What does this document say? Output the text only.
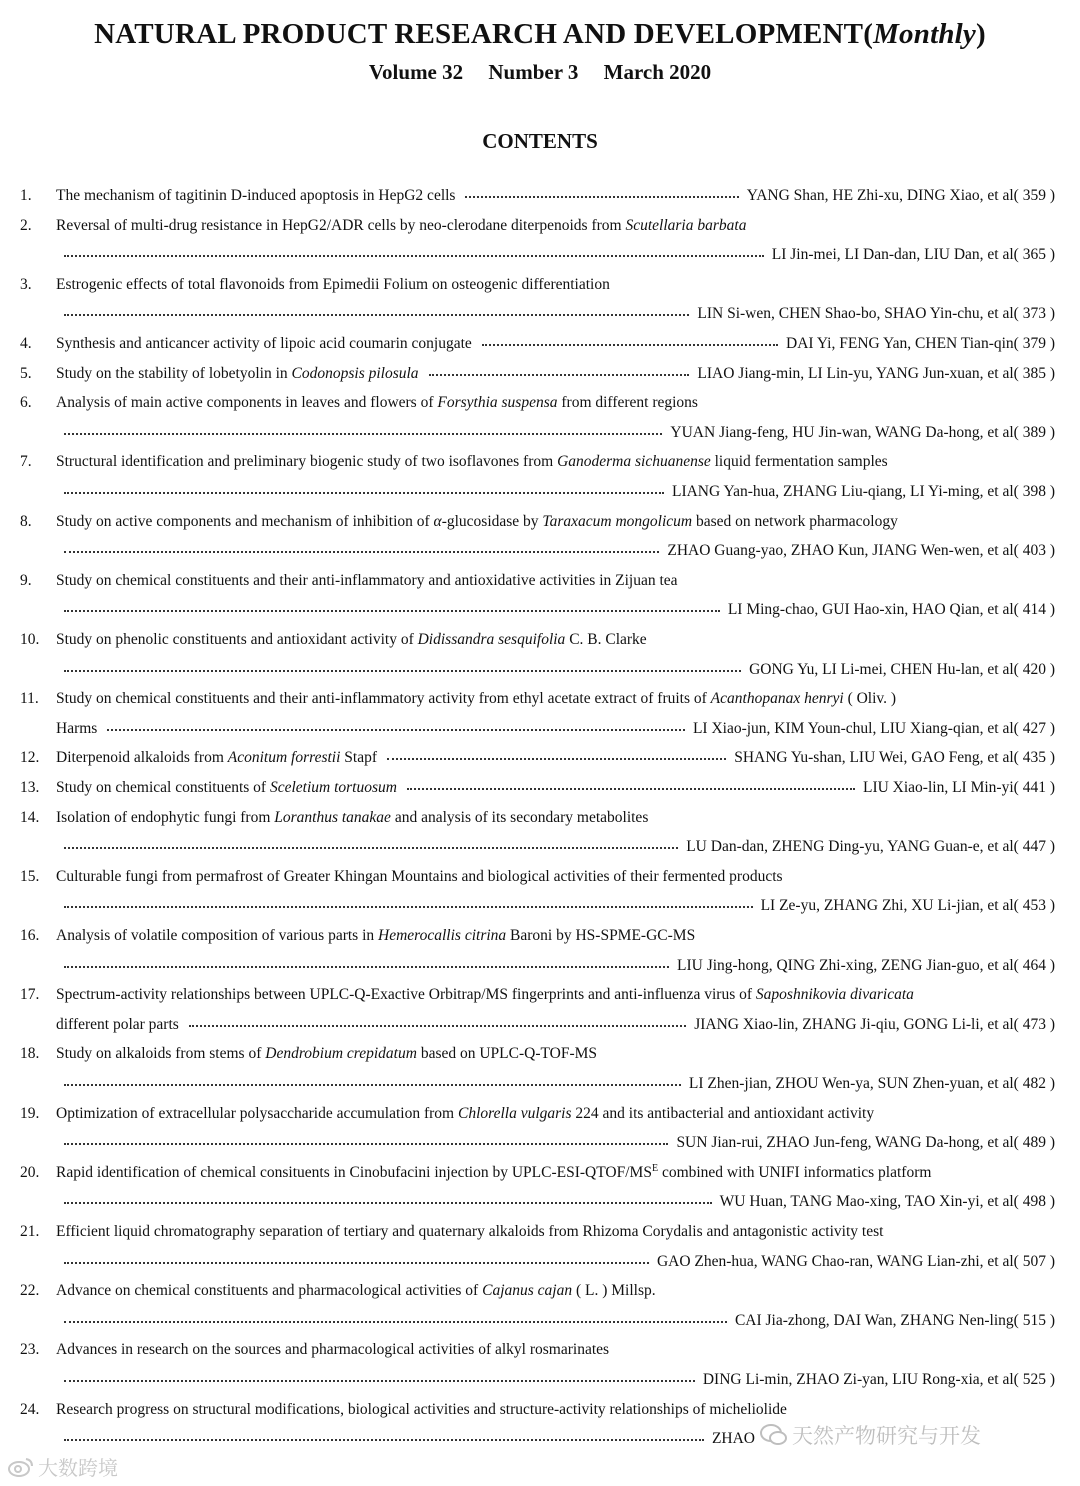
NATURAL PRODUCT RESEARCH AND DEVELOPMENT(Monthly)
Volume 32 Number 3 March 2020
CONTENTS
1. The mechanism of tagitinin D-induced apoptosis in HepG2 cells	YANG Shan, HE Zhi-xu, DING Xiao, et al ( 359 )
2. Reversal of multi-drug resistance in HepG2/ADR cells by neo-clerodane diterpenoids from Scutellaria barbata
LI Jin-mei, LI Dan-dan, LIU Dan, et al ( 365 )
3. Estrogenic effects of total flavonoids from Epimedii Folium on osteogenic differentiation
LIN Si-wen, CHEN Shao-bo, SHAO Yin-chu, et al ( 373 )
4. Synthesis and anticancer activity of lipoic acid coumarin conjugate	DAI Yi, FENG Yan, CHEN Tian-qin ( 379 )
5. Study on the stability of lobetyolin in Codonopsis pilosula	LIAO Jiang-min, LI Lin-yu, YANG Jun-xuan, et al ( 385 )
6. Analysis of main active components in leaves and flowers of Forsythia suspensa from different regions
YUAN Jiang-feng, HU Jin-wan, WANG Da-hong, et al ( 389 )
7. Structural identification and preliminary biogenic study of two isoflavones from Ganoderma sichuanense liquid fermentation samples
LIANG Yan-hua, ZHANG Liu-qiang, LI Yi-ming, et al ( 398 )
8. Study on active components and mechanism of inhibition of α-glucosidase by Taraxacum mongolicum based on network pharmacology
ZHAO Guang-yao, ZHAO Kun, JIANG Wen-wen, et al ( 403 )
9. Study on chemical constituents and their anti-inflammatory and antioxidative activities in Zijuan tea
LI Ming-chao, GUI Hao-xin, HAO Qian, et al ( 414 )
10. Study on phenolic constituents and antioxidant activity of Didissandra sesquifolia C. B. Clarke
GONG Yu, LI Li-mei, CHEN Hu-lan, et al ( 420 )
11. Study on chemical constituents and their anti-inflammatory activity from ethyl acetate extract of fruits of Acanthopanax henryi ( Oliv. )
Harms	LI Xiao-jun, KIM Youn-chul, LIU Xiang-qian, et al ( 427 )
12. Diterpenoid alkaloids from Aconitum forrestii Stapf	SHANG Yu-shan, LIU Wei, GAO Feng, et al ( 435 )
13. Study on chemical constituents of Sceletium tortuosum	LIU Xiao-lin, LI Min-yi ( 441 )
14. Isolation of endophytic fungi from Loranthus tanakae and analysis of its secondary metabolites
LU Dan-dan, ZHENG Ding-yu, YANG Guan-e, et al ( 447 )
15. Culturable fungi from permafrost of Greater Khingan Mountains and biological activities of their fermented products
LI Ze-yu, ZHANG Zhi, XU Li-jian, et al ( 453 )
16. Analysis of volatile composition of various parts in Hemerocallis citrina Baroni by HS-SPME-GC-MS
LIU Jing-hong, QING Zhi-xing, ZENG Jian-guo, et al ( 464 )
17. Spectrum-activity relationships between UPLC-Q-Exactive Orbitrap/MS fingerprints and anti-influenza virus of Saposhnikovia divaricata
different polar parts	JIANG Xiao-lin, ZHANG Ji-qiu, GONG Li-li, et al ( 473 )
18. Study on alkaloids from stems of Dendrobium crepidatum based on UPLC-Q-TOF-MS
LI Zhen-jian, ZHOU Wen-ya, SUN Zhen-yuan, et al ( 482 )
19. Optimization of extracellular polysaccharide accumulation from Chlorella vulgaris 224 and its antibacterial and antioxidant activity
SUN Jian-rui, ZHAO Jun-feng, WANG Da-hong, et al ( 489 )
20. Rapid identification of chemical consituents in Cinobufacini injection by UPLC-$ESI-QTOF/MS^E$ combined with UNIFI informatics platform
WU Huan, TANG Mao-xing, TAO Xin-yi, et al ( 498 )
21. Efficient liquid chromatography separation of tertiary and quaternary alkaloids from Rhizoma Corydalis and antagonistic activity test
GAO Zhen-hua, WANG Chao-ran, WANG Lian-zhi, et al ( 507 )
22. Advance on chemical constituents and pharmacological activities of Cajanus cajan ( L. ) Millsp.
CAI Jia-zhong, DAI Wan, ZHANG Nen-ling ( 515 )
23. Advances in research on the sources and pharmacological activities of alkyl rosmarinates
DING Li-min, ZHAO Zi-yan, LIU Rong-xia, et al ( 525 )
24. Research progress on structural modifications, biological activities and structure-activity relationships of micheliolide
ZHAO
大数跨境
天然产物研究与开发
